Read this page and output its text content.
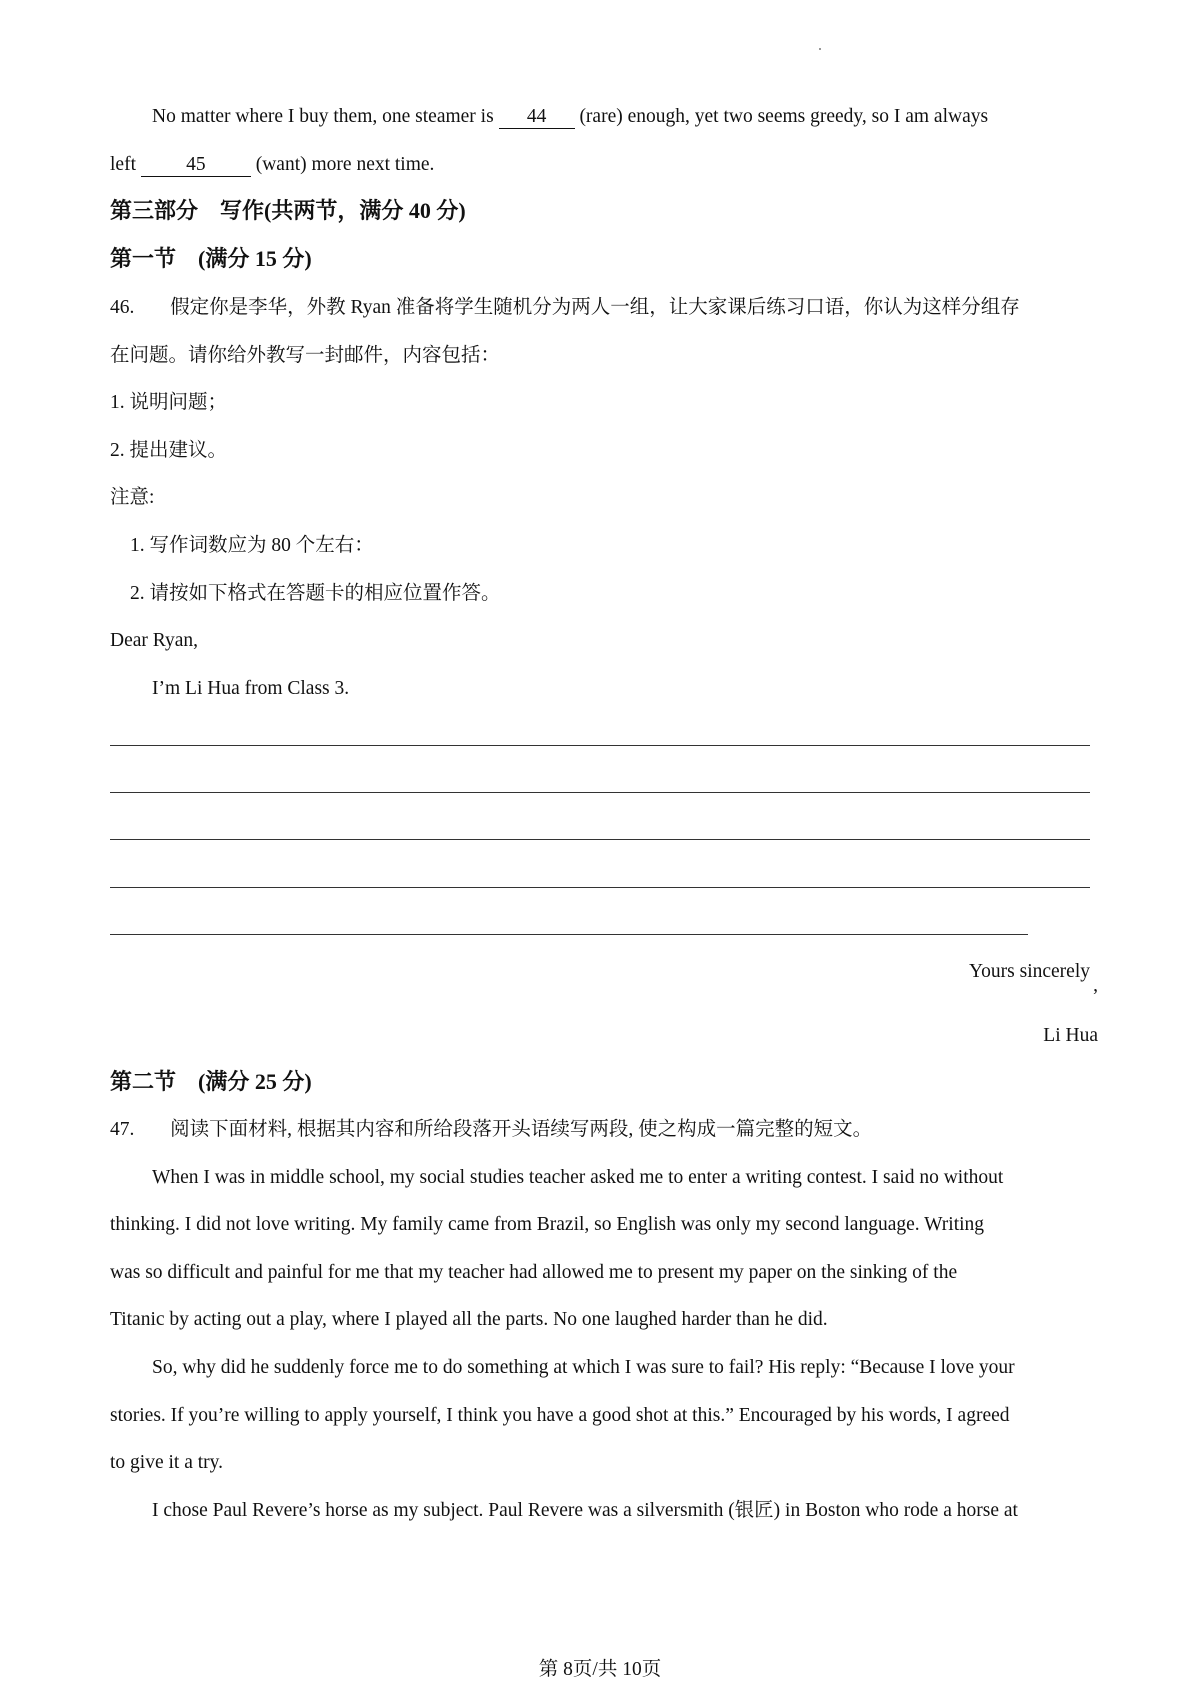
No matter where I buy them, one steamer is 44 (rare) enough, yet two seems greedy, so I am always
left	45	(want) more next time.
第三部分　写作(共两节，满分 40 分)
第一节　(满分 15 分)
46. 假定你是李华，外教 Ryan 准备将学生随机分为两人一组，让大家课后练习口语，你认为这样分组存
在问题。请你给外教写一封邮件，内容包括：
1. 说明问题；
2. 提出建议。
注意:
1. 写作词数应为 80 个左右：
2. 请按如下格式在答题卡的相应位置作答。
Dear Ryan,
I’m Li Hua from Class 3.
Yours sincerely
,
Li Hua
第二节　(满分 25 分)
47. 阅读下面材料, 根据其内容和所给段落开头语续写两段, 使之构成一篇完整的短文。
When I was in middle school, my social studies teacher asked me to enter a writing contest. I said no without
thinking. I did not love writing. My family came from Brazil, so English was only my second language. Writing
was so difficult and painful for me that my teacher had allowed me to present my paper on the sinking of the
Titanic by acting out a play, where I played all the parts. No one laughed harder than he did.
So, why did he suddenly force me to do something at which I was sure to fail? His reply: “Because I love your
stories. If you’re willing to apply yourself, I think you have a good shot at this.” Encouraged by his words, I agreed
to give it a try.
I chose Paul Revere’s horse as my subject. Paul Revere was a silversmith (银匠) in Boston who rode a horse at
第 8页/共 10页
